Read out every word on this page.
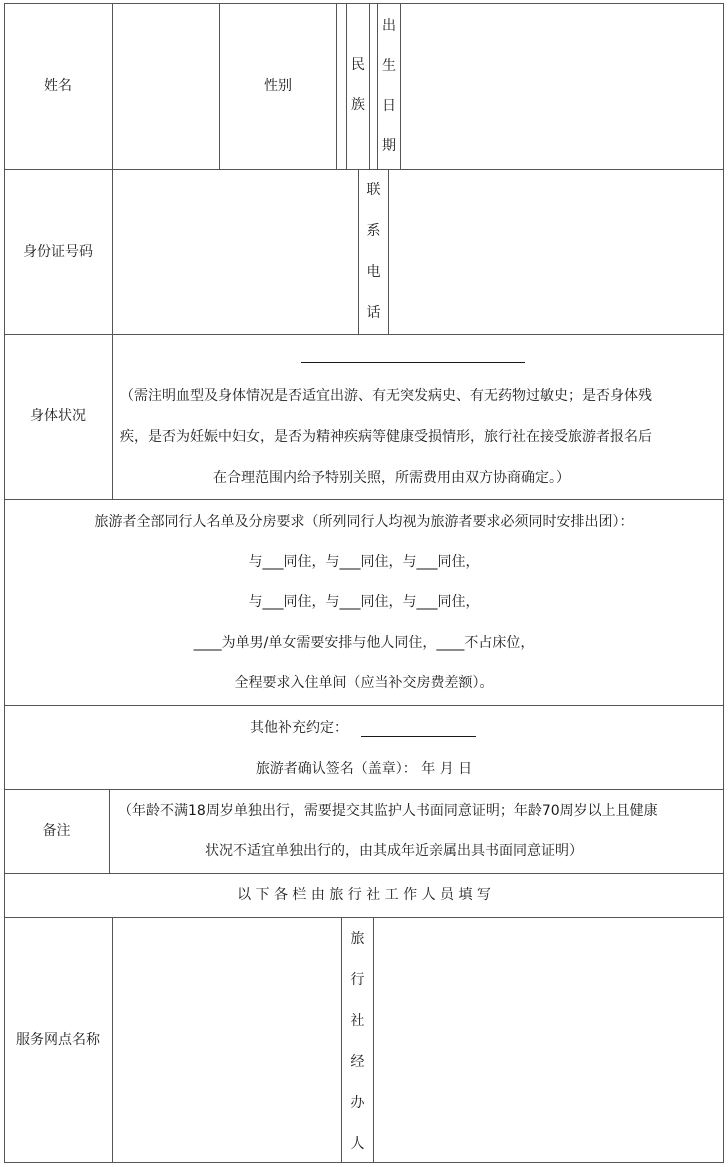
姓名	性别
民
族
出
生
日
期
身份证号码
联
系
电
话
身体状况
（需注明血型及身体情况是否适宜出游、有无突发病史、有无药物过敏史；是否身体残
疾，是否为妊娠中妇女，是否为精神疾病等健康受损情形，旅行社在接受旅游者报名后
在合理范围内给予特别关照，所需费用由双方协商确定。）
旅游者全部同行人名单及分房要求（所列同行人均视为旅游者要求必须同时安排出团）：
与___同住，与___同住，与___同住，
与___同住，与___同住，与___同住，
____为单男/单女需要安排与他人同住，____不占床位，
全程要求入住单间（应当补交房费差额）。
其他补充约定：
旅游者确认签名（盖章）： 年 月 日
备注
（年龄不满18周岁单独出行，需要提交其监护人书面同意证明；年龄70周岁以上且健康
状况不适宜单独出行的，由其成年近亲属出具书面同意证明）
以 下 各 栏 由 旅 行 社 工 作 人 员 填 写
服务网点名称
旅
行
社
经
办
人
